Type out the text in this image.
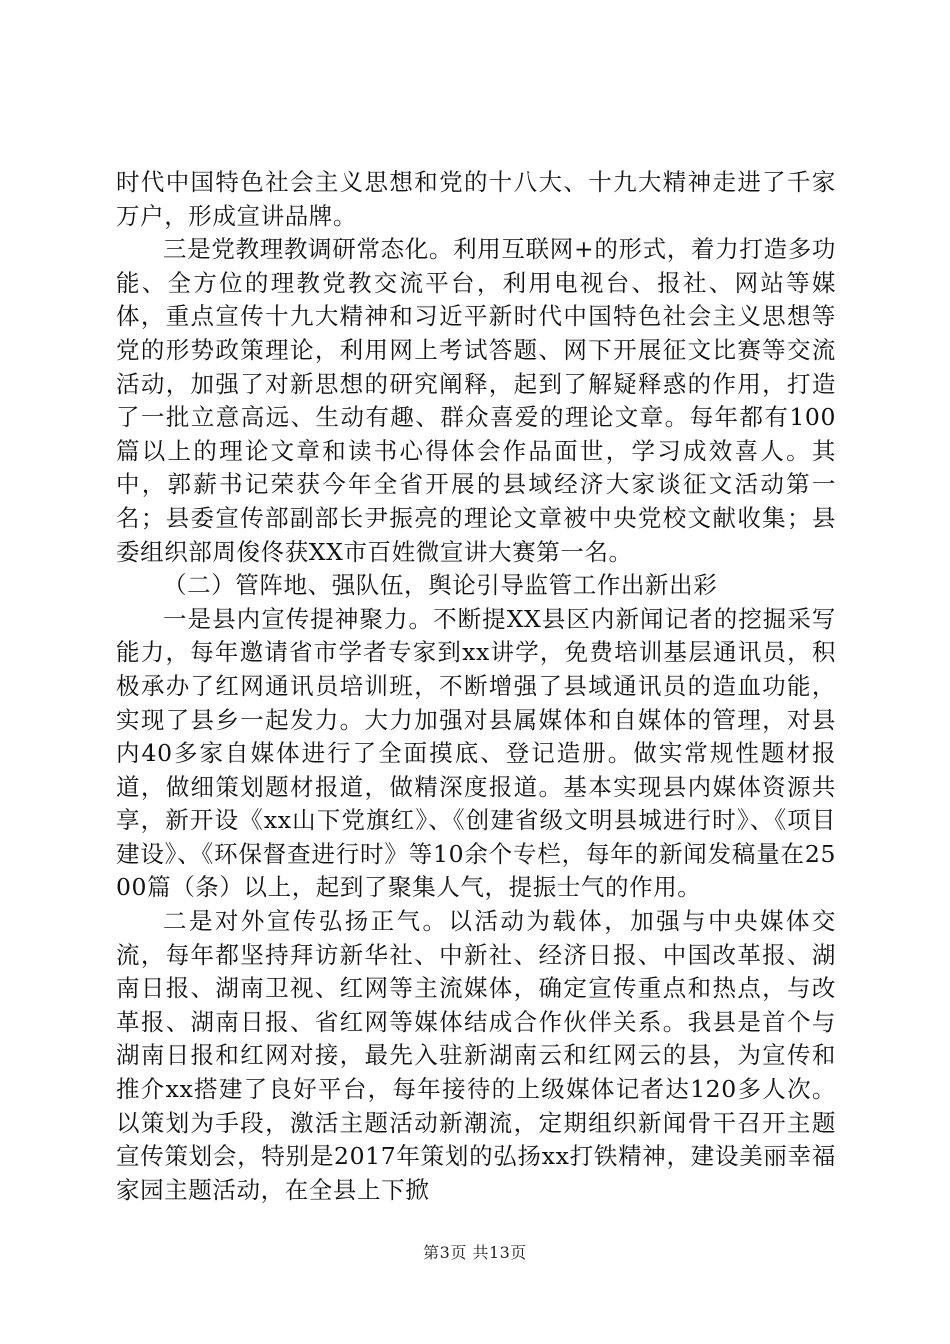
时代中国特色社会主义思想和党的十八大、十九大精神走进了千家万户，形成宣讲品牌。

三是党教理教调研常态化。利用互联网+的形式，着力打造多功能、全方位的理教党教交流平台，利用电视台、报社、网站等媒体，重点宣传十九大精神和习近平新时代中国特色社会主义思想等党的形势政策理论，利用网上考试答题、网下开展征文比赛等交流活动，加强了对新思想的研究阐释，起到了解疑释惑的作用，打造了一批立意高远、生动有趣、群众喜爱的理论文章。每年都有100篇以上的理论文章和读书心得体会作品面世，学习成效喜人。其中，郭薪书记荣获今年全省开展的县域经济大家谈征文活动第一名；县委宣传部副部长尹振亮的理论文章被中央党校文献收集；县委组织部周俊佟获XX市百姓微宣讲大赛第一名。

（二）管阵地、强队伍，舆论引导监管工作出新出彩

一是县内宣传提神聚力。不断提XX县区内新闻记者的挖掘采写能力，每年邀请省市学者专家到xx讲学，免费培训基层通讯员，积极承办了红网通讯员培训班，不断增强了县域通讯员的造血功能，实现了县乡一起发力。大力加强对县属媒体和自媒体的管理，对县内40多家自媒体进行了全面摸底、登记造册。做实常规性题材报道，做细策划题材报道，做精深度报道。基本实现县内媒体资源共享，新开设《xx山下党旗红》、《创建省级文明县城进行时》、《项目建设》、《环保督查进行时》等10余个专栏，每年的新闻发稿量在2500篇（条）以上，起到了聚集人气，提振士气的作用。

二是对外宣传弘扬正气。以活动为载体，加强与中央媒体交流，每年都坚持拜访新华社、中新社、经济日报、中国改革报、湖南日报、湖南卫视、红网等主流媒体，确定宣传重点和热点，与改革报、湖南日报、省红网等媒体结成合作伙伴关系。我县是首个与湖南日报和红网对接，最先入驻新湖南云和红网云的县，为宣传和推介xx搭建了良好平台，每年接待的上级媒体记者达120多人次。以策划为手段，激活主题活动新潮流，定期组织新闻骨干召开主题宣传策划会，特别是2017年策划的弘扬xx打铁精神，建设美丽幸福家园主题活动，在全县上下掀

第3页 共13页
